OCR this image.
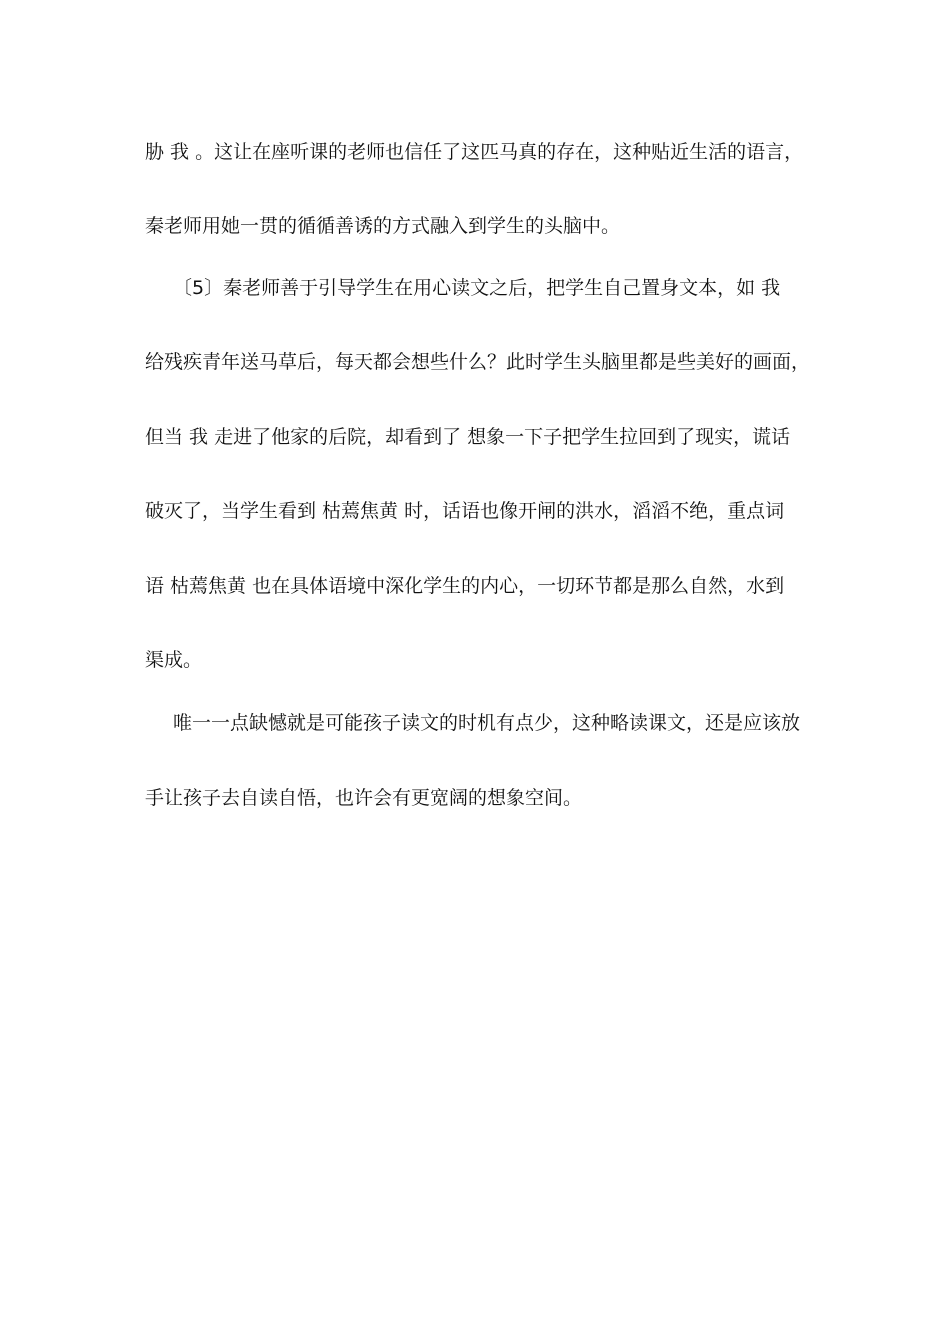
胁 我 。这让在座听课的老师也信任了这匹马真的存在，这种贴近生活的语言，
秦老师用她一贯的循循善诱的方式融入到学生的头脑中。
〔5〕秦老师善于引导学生在用心读文之后，把学生自己置身文本，如 我
给残疾青年送马草后，每天都会想些什么？此时学生头脑里都是些美好的画面，
但当 我 走进了他家的后院，却看到了 想象一下子把学生拉回到了现实，谎话
破灭了，当学生看到 枯蔫焦黄 时，话语也像开闸的洪水，滔滔不绝，重点词
语 枯蔫焦黄 也在具体语境中深化学生的内心，一切环节都是那么自然，水到
渠成。
唯一一点缺憾就是可能孩子读文的时机有点少，这种略读课文，还是应该放
手让孩子去自读自悟，也许会有更宽阔的想象空间。
